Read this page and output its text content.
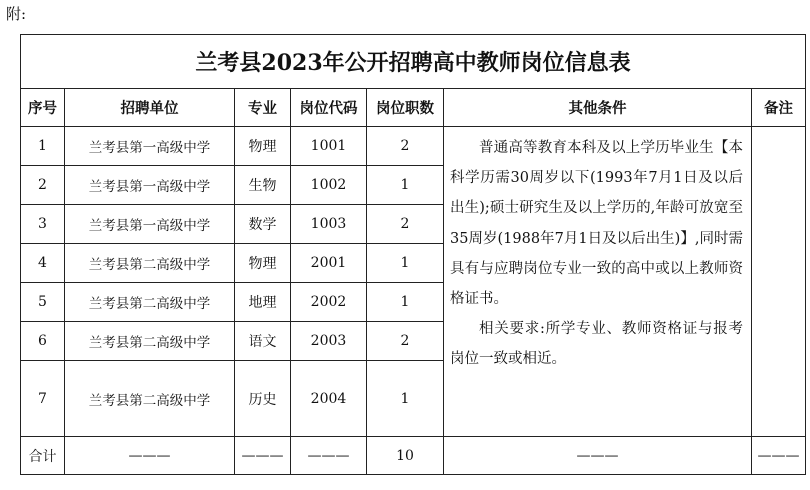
附:
兰考县2023年公开招聘高中教师岗位信息表						
序号	招聘单位	专业	岗位代码	岗位职数	其他条件	备注
1	兰考县第一高级中学	物理	1001	2	普通高等教育本科及以上学历毕业生【本科学历需30周岁以下(1993年7月1日及以后出生);硕士研究生及以上学历的,年龄可放宽至35周岁(1988年7月1日及以后出生)】,同时需具有与应聘岗位专业一致的高中或以上教师资格证书。

相关要求:所学专业、教师资格证与报考岗位一致或相近。	

2	兰考县第一高级中学	生物	1002	1		
3	兰考县第一高级中学	数学	1003	2		
4	兰考县第二高级中学	物理	2001	1		
5	兰考县第二高级中学	地理	2002	1		
6	兰考县第二高级中学	语文	2003	2		
7	兰考县第二高级中学	历史	2004	1		
合计	———	———	———	10	———	———
